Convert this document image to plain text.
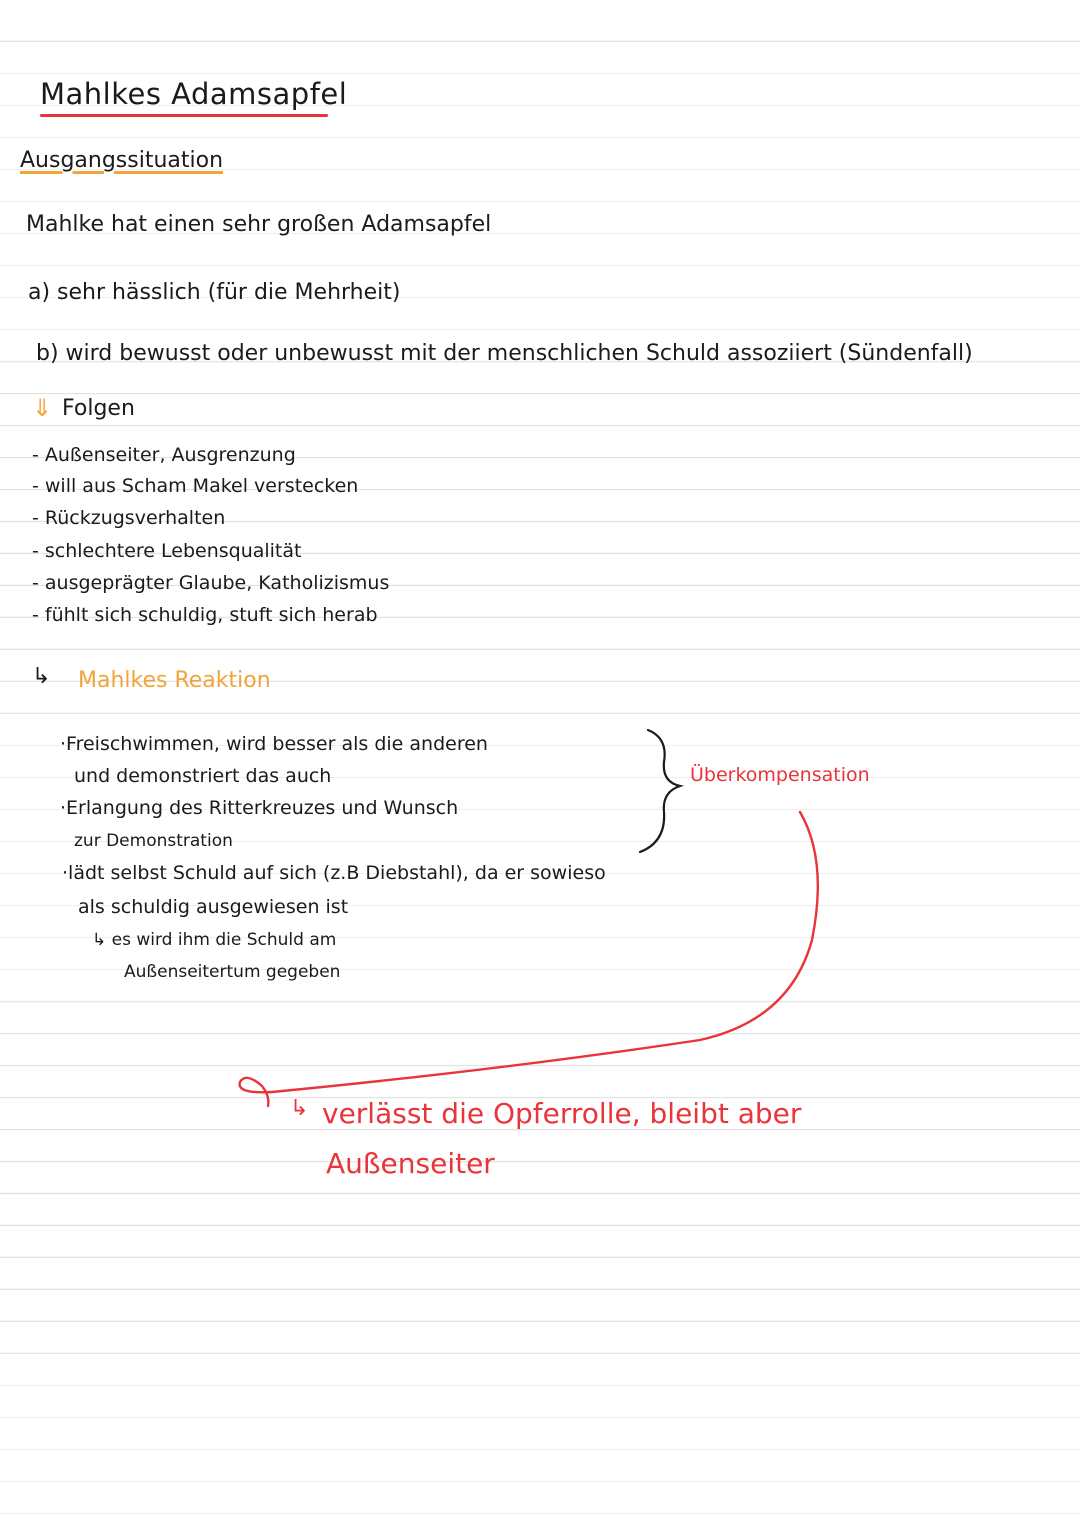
Mahlkes Adamsapfel
Ausgangssituation
Mahlke hat einen sehr großen Adamsapfel
a) sehr hässlich (für die Mehrheit)
b) wird bewusst oder unbewusst mit der menschlichen Schuld assoziiert (Sündenfall)
⇓ Folgen
- Außenseiter, Ausgrenzung
- will aus Scham Makel verstecken
- Rückzugsverhalten
- schlechtere Lebensqualität
- ausgeprägter Glaube, Katholizismus
- fühlt sich schuldig, stuft sich herab
↳ Mahlkes Reaktion
·Freischwimmen, wird besser als die anderen
und demonstriert das auch
·Erlangung des Ritterkreuzes und Wunsch
zur Demonstration
·lädt selbst Schuld auf sich (z.B Diebstahl), da er sowieso
als schuldig ausgewiesen ist
↳ es wird ihm die Schuld am
Außenseitertum gegeben
Überkompensation
↳ verlässt die Opferrolle, bleibt aber
Außenseiter
